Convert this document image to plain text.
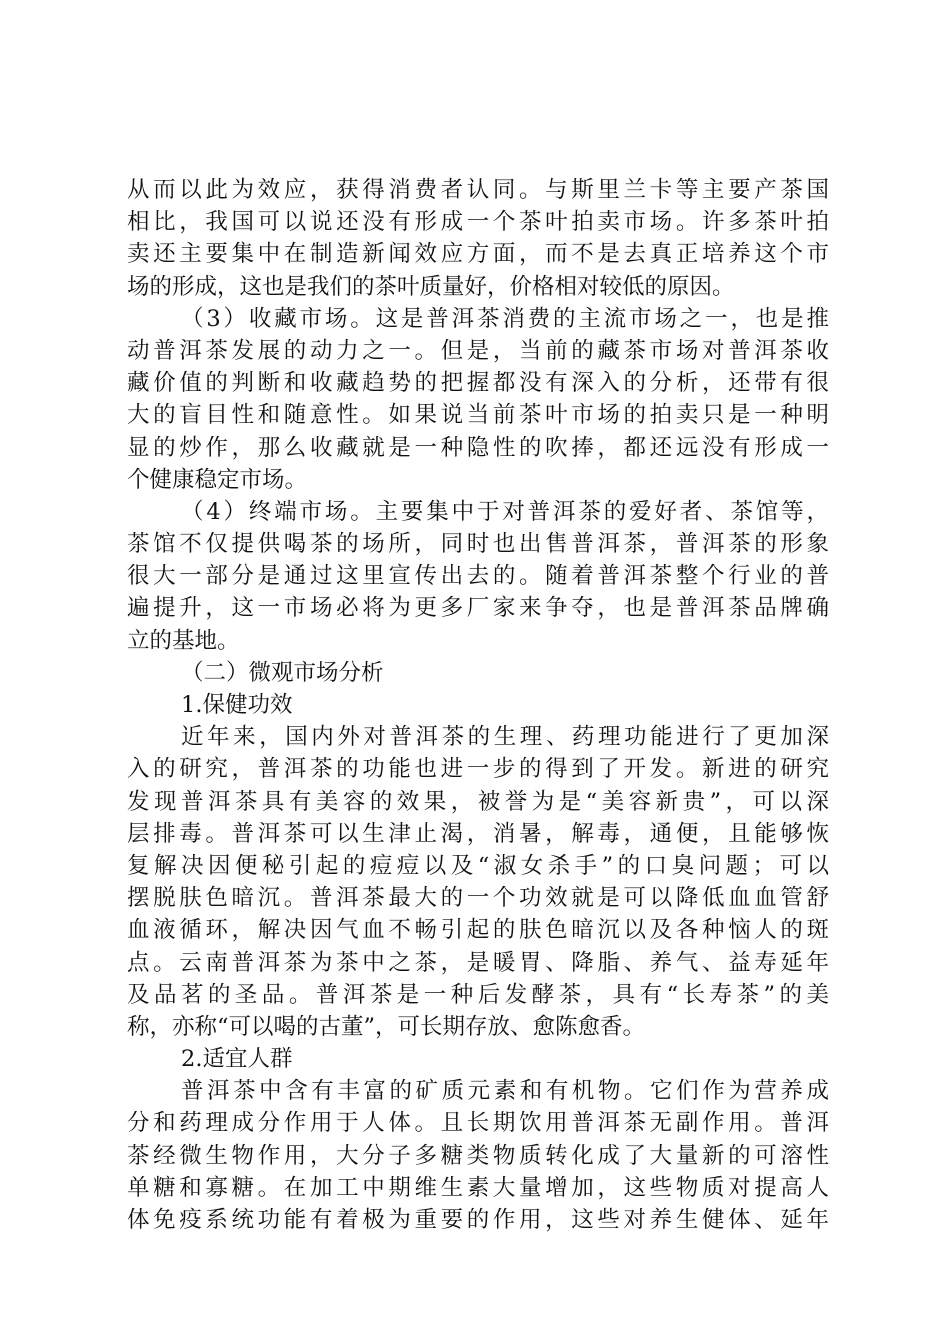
从而以此为效应，获得消费者认同。与斯里兰卡等主要产茶国
相比，我国可以说还没有形成一个茶叶拍卖市场。许多茶叶拍
卖还主要集中在制造新闻效应方面，而不是去真正培养这个市
场的形成，这也是我们的茶叶质量好，价格相对较低的原因。
（3）收藏市场。这是普洱茶消费的主流市场之一，也是推
动普洱茶发展的动力之一。但是，当前的藏茶市场对普洱茶收
藏价值的判断和收藏趋势的把握都没有深入的分析，还带有很
大的盲目性和随意性。如果说当前茶叶市场的拍卖只是一种明
显的炒作，那么收藏就是一种隐性的吹捧，都还远没有形成一
个健康稳定市场。
（4）终端市场。主要集中于对普洱茶的爱好者、茶馆等，
茶馆不仅提供喝茶的场所，同时也出售普洱茶，普洱茶的形象
很大一部分是通过这里宣传出去的。随着普洱茶整个行业的普
遍提升，这一市场必将为更多厂家来争夺，也是普洱茶品牌确
立的基地。
（二）微观市场分析
1.保健功效
近年来，国内外对普洱茶的生理、药理功能进行了更加深
入的研究，普洱茶的功能也进一步的得到了开发。新进的研究
发现普洱茶具有美容的效果，被誉为是“美容新贵”，可以深
层排毒。普洱茶可以生津止渴，消暑，解毒，通便，且能够恢
复解决因便秘引起的痘痘以及“淑女杀手”的口臭问题；可以
摆脱肤色暗沉。普洱茶最大的一个功效就是可以降低血血管舒
血液循环，解决因气血不畅引起的肤色暗沉以及各种恼人的斑
点。云南普洱茶为茶中之茶，是暖胃、降脂、养气、益寿延年
及品茗的圣品。普洱茶是一种后发酵茶，具有“长寿茶”的美
称，亦称“可以喝的古董”，可长期存放、愈陈愈香。
2.适宜人群
普洱茶中含有丰富的矿质元素和有机物。它们作为营养成
分和药理成分作用于人体。且长期饮用普洱茶无副作用。普洱
茶经微生物作用，大分子多糖类物质转化成了大量新的可溶性
单糖和寡糖。在加工中期维生素大量增加，这些物质对提高人
体免疫系统功能有着极为重要的作用，这些对养生健体、延年
